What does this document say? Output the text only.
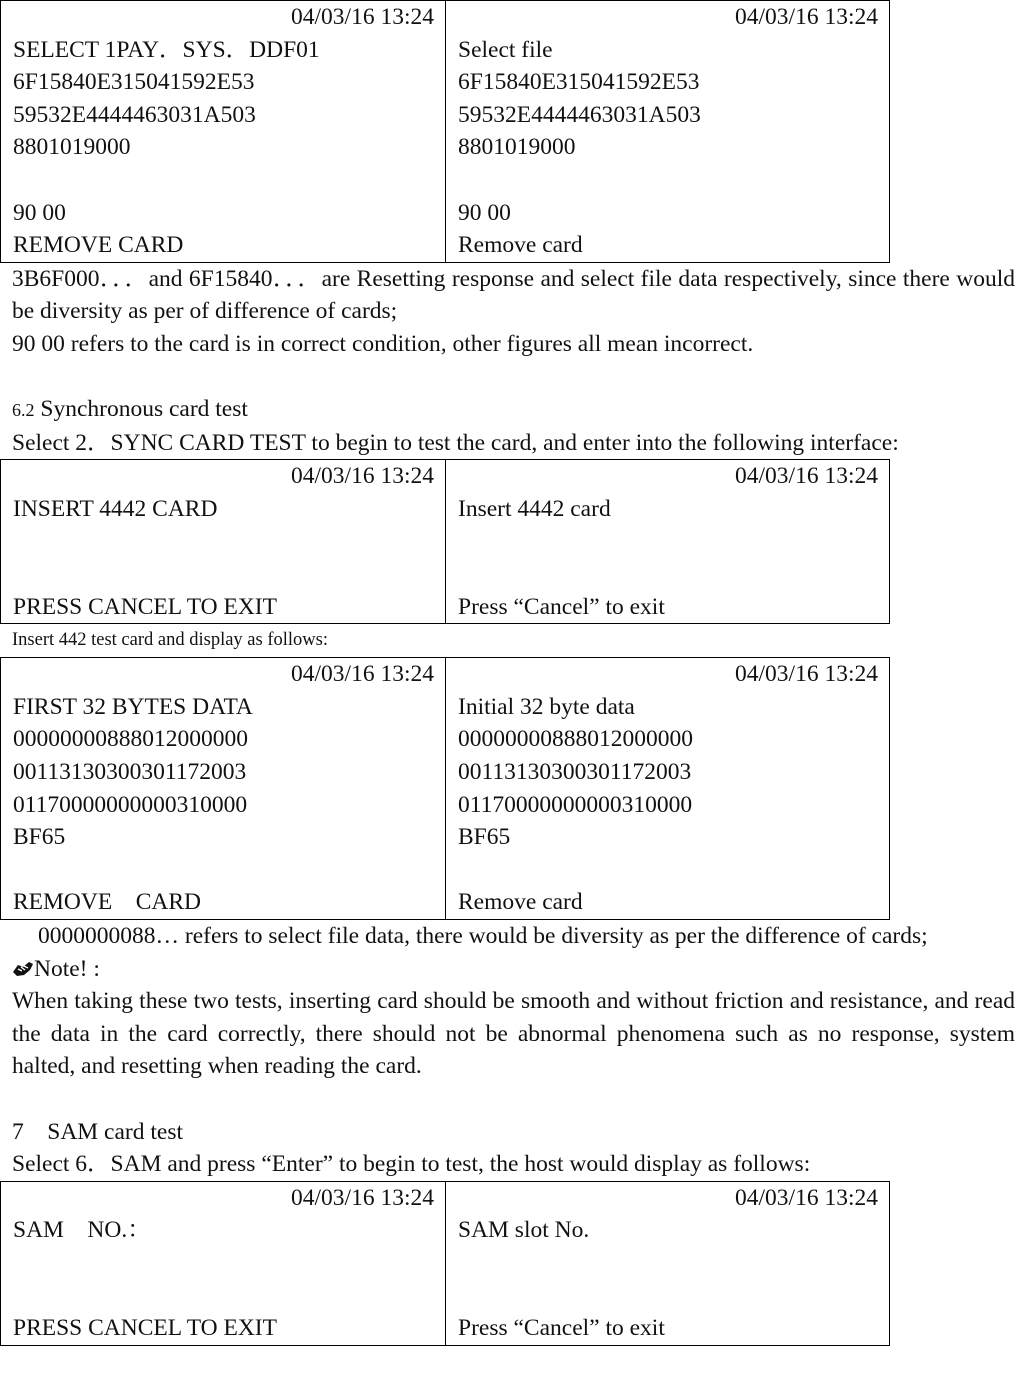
04/03/16 13:24
SELECT 1PAY．SYS．DDF01
6F15840E315041592E53
59532E4444463031A503
8801019000
90 00
REMOVE CARD

04/03/16 13:24
Select file
6F15840E315041592E53
59532E4444463031A503
8801019000
90 00
Remove card
3B6F000．．．and 6F15840．．．are Resetting response and select file data respectively, since there would be diversity as per of difference of cards;
90 00 refers to the card is in correct condition, other figures all mean incorrect.
6.2 Synchronous card test
Select 2．SYNC CARD TEST to begin to test the card, and enter into the following interface:
04/03/16 13:24
INSERT 4442 CARD
PRESS CANCEL TO EXIT

04/03/16 13:24
Insert 4442 card
Press “Cancel” to exit
Insert 442 test card and display as follows:
04/03/16 13:24
FIRST 32 BYTES DATA
00000000888012000000
00113130300301172003
01170000000000310000
BF65
REMOVE　CARD

04/03/16 13:24
Initial 32 byte data
00000000888012000000
00113130300301172003
01170000000000310000
BF65
Remove card
0000000088… refers to select file data, there would be diversity as per the difference of cards;
Note! :
When taking these two tests, inserting card should be smooth and without friction and resistance, and read the data in the card correctly, there should not be abnormal phenomena such as no response, system halted, and resetting when reading the card.
7　SAM card test
Select 6．SAM and press “Enter” to begin to test, the host would display as follows:
04/03/16 13:24
SAM　NO.：
PRESS CANCEL TO EXIT

04/03/16 13:24
SAM slot No.
Press “Cancel” to exit
